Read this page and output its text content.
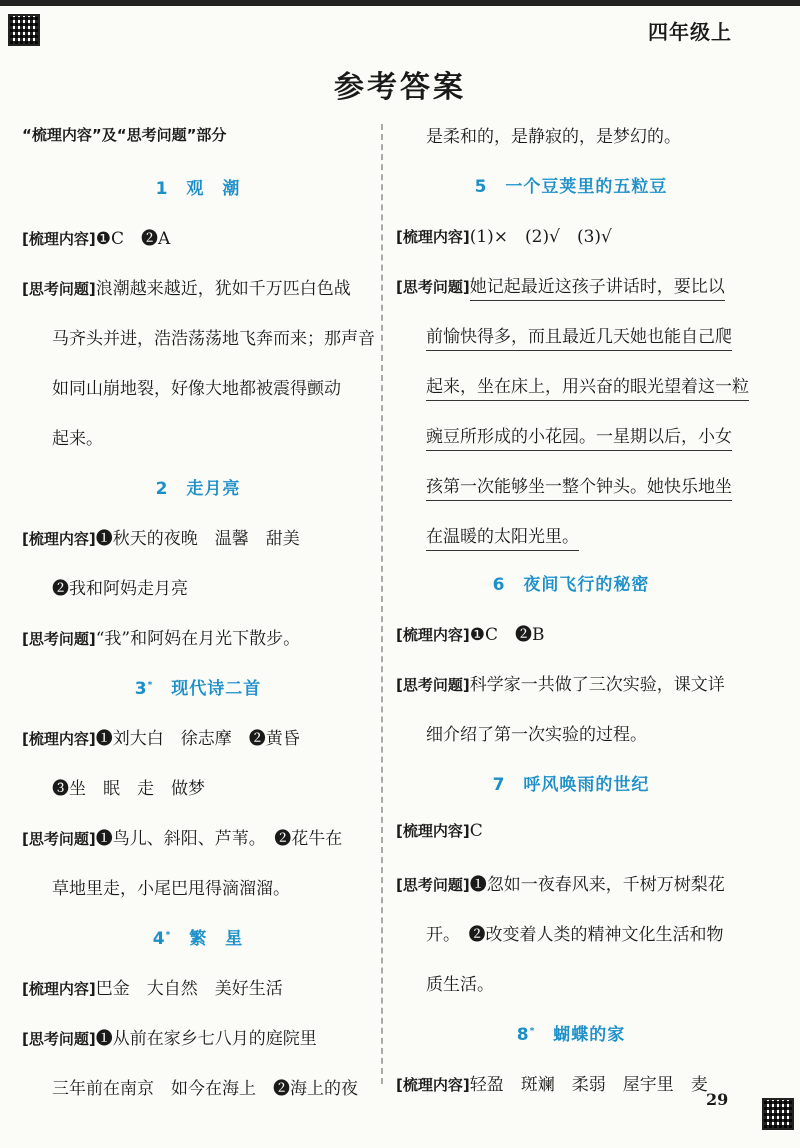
四年级上
参考答案
“梳理内容”及“思考问题”部分
1　观　潮
[梳理内容]❶C　❷A
[思考问题]浪潮越来越近，犹如千万匹白色战
马齐头并进，浩浩荡荡地飞奔而来；那声音
如同山崩地裂，好像大地都被震得颤动
起来。
2　走月亮
[梳理内容]❶秋天的夜晚　温馨　甜美
❷我和阿妈走月亮
[思考问题]“我”和阿妈在月光下散步。
3*　现代诗二首
[梳理内容]❶刘大白　徐志摩　❷黄昏
❸坐　眠　走　做梦
[思考问题]❶鸟儿、斜阳、芦苇。　❷花牛在
草地里走，小尾巴甩得滴溜溜。
4*　繁　星
[梳理内容]巴金　大自然　美好生活
[思考问题]❶从前在家乡七八月的庭院里
三年前在南京　如今在海上　❷海上的夜
是柔和的，是静寂的，是梦幻的。
5　一个豆荚里的五粒豆
[梳理内容](1)×　(2)√　(3)√
[思考问题]她记起最近这孩子讲话时，要比以
前愉快得多，而且最近几天她也能自己爬
起来，坐在床上，用兴奋的眼光望着这一粒
豌豆所形成的小花园。一星期以后，小女
孩第一次能够坐一整个钟头。她快乐地坐
在温暖的太阳光里。
6　夜间飞行的秘密
[梳理内容]❶C　❷B
[思考问题]科学家一共做了三次实验，课文详
细介绍了第一次实验的过程。
7　呼风唤雨的世纪
[梳理内容]C
[思考问题]❶忽如一夜春风来，千树万树梨花
开。　❷改变着人类的精神文化生活和物
质生活。
8*　蝴蝶的家
[梳理内容]轻盈　斑斓　柔弱　屋宇里　麦
29
